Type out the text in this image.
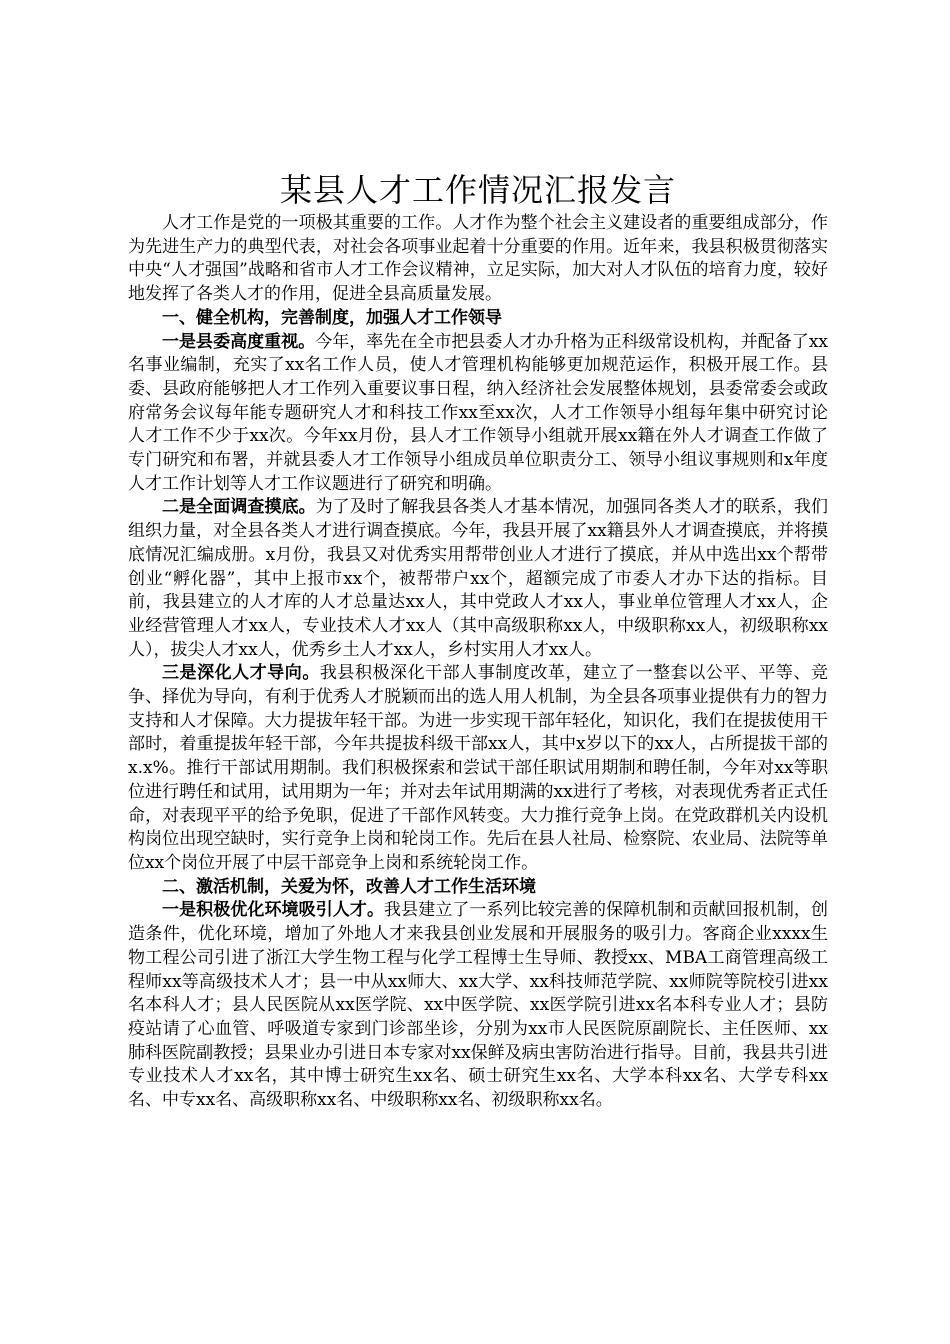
某县人才工作情况汇报发言

人才工作是党的一项极其重要的工作。人才作为整个社会主义建设者的重要组成部分，作为先进生产力的典型代表，对社会各项事业起着十分重要的作用。近年来，我县积极贯彻落实中央“人才强国”战略和省市人才工作会议精神，立足实际，加大对人才队伍的培育力度，较好地发挥了各类人才的作用，促进全县高质量发展。

一、健全机构，完善制度，加强人才工作领导

一是县委高度重视。今年，率先在全市把县委人才办升格为正科级常设机构，并配备了xx名事业编制，充实了xx名工作人员，使人才管理机构能够更加规范运作，积极开展工作。县委、县政府能够把人才工作列入重要议事日程，纳入经济社会发展整体规划，县委常委会或政府常务会议每年能专题研究人才和科技工作xx至xx次，人才工作领导小组每年集中研究讨论人才工作不少于xx次。今年xx月份，县人才工作领导小组就开展xx籍在外人才调查工作做了专门研究和布署，并就县委人才工作领导小组成员单位职责分工、领导小组议事规则和x年度人才工作计划等人才工作议题进行了研究和明确。

二是全面调查摸底。为了及时了解我县各类人才基本情况，加强同各类人才的联系，我们组织力量，对全县各类人才进行调查摸底。今年，我县开展了xx籍县外人才调查摸底，并将摸底情况汇编成册。x月份，我县又对优秀实用帮带创业人才进行了摸底，并从中选出xx个帮带创业“孵化器”，其中上报市xx个，被帮带户xx个，超额完成了市委人才办下达的指标。目前，我县建立的人才库的人才总量达xx人，其中党政人才xx人，事业单位管理人才xx人，企业经营管理人才xx人，专业技术人才xx人（其中高级职称xx人，中级职称xx人，初级职称xx人），拔尖人才xx人，优秀乡土人才xx人，乡村实用人才xx人。

三是深化人才导向。我县积极深化干部人事制度改革，建立了一整套以公平、平等、竞争、择优为导向，有利于优秀人才脱颖而出的选人用人机制，为全县各项事业提供有力的智力支持和人才保障。大力提拔年轻干部。为进一步实现干部年轻化，知识化，我们在提拔使用干部时，着重提拔年轻干部，今年共提拔科级干部xx人，其中x岁以下的xx人，占所提拔干部的x.x%。推行干部试用期制。我们积极探索和尝试干部任职试用期制和聘任制，今年对xx等职位进行聘任和试用，试用期为一年；并对去年试用期满的xx进行了考核，对表现优秀者正式任命，对表现平平的给予免职，促进了干部作风转变。大力推行竞争上岗。在党政群机关内设机构岗位出现空缺时，实行竞争上岗和轮岗工作。先后在县人社局、检察院、农业局、法院等单位xx个岗位开展了中层干部竞争上岗和系统轮岗工作。

二、激活机制，关爱为怀，改善人才工作生活环境

一是积极优化环境吸引人才。我县建立了一系列比较完善的保障机制和贡献回报机制，创造条件，优化环境，增加了外地人才来我县创业发展和开展服务的吸引力。客商企业xxxx生物工程公司引进了浙江大学生物工程与化学工程博士生导师、教授xx、MBA工商管理高级工程师xx等高级技术人才；县一中从xx师大、xx大学、xx科技师范学院、xx师院等院校引进xx名本科人才；县人民医院从xx医学院、xx中医学院、xx医学院引进xx名本科专业人才；县防疫站请了心血管、呼吸道专家到门诊部坐诊，分别为xx市人民医院原副院长、主任医师、xx肺科医院副教授；县果业办引进日本专家对xx保鲜及病虫害防治进行指导。目前，我县共引进专业技术人才xx名，其中博士研究生xx名、硕士研究生xx名、大学本科xx名、大学专科xx名、中专xx名、高级职称xx名、中级职称xx名、初级职称xx名。
